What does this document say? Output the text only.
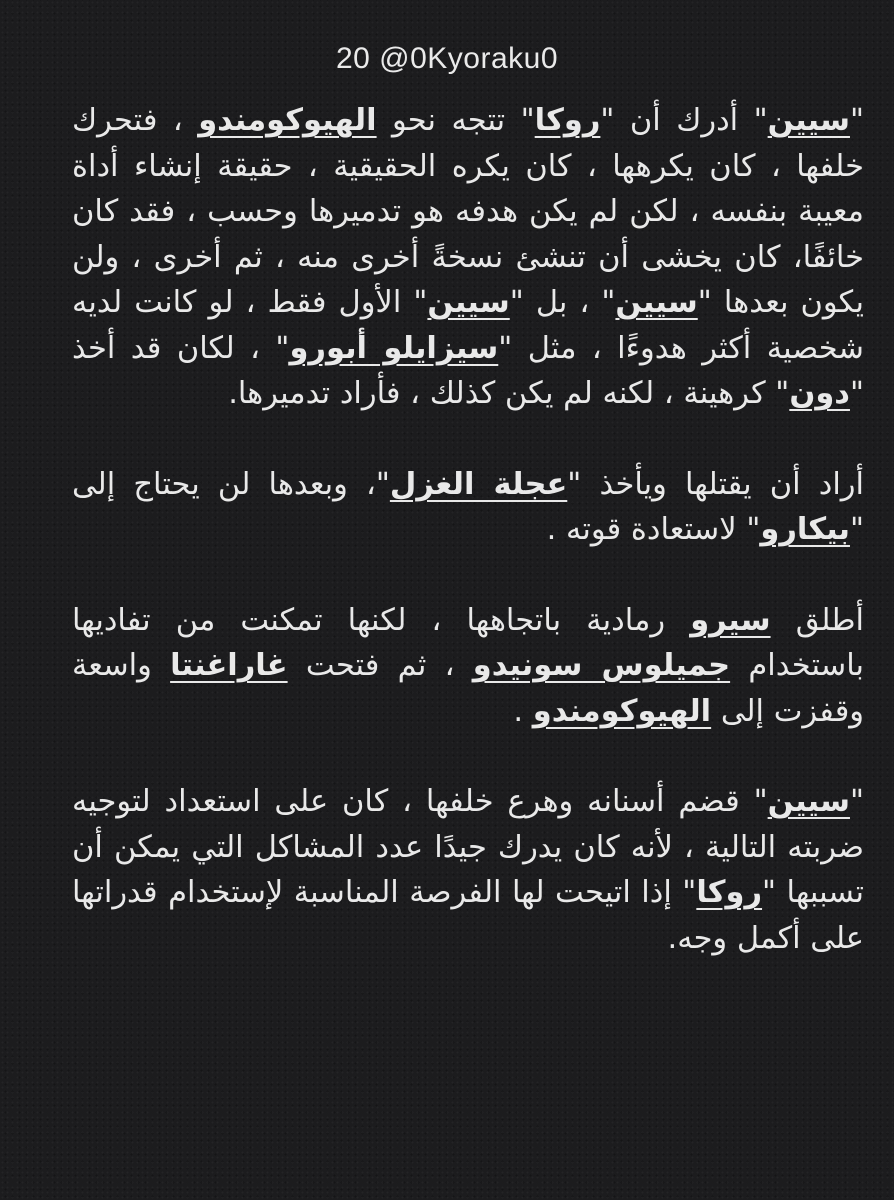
20 @0Kyoraku0

"سيين" أدرك أن "روكا" تتجه نحو الهيوكومندو ، فتحرك خلفها ، كان يكرهها ، كان يكره الحقيقية ، حقيقة إنشاء أداة معيبة بنفسه ، لكن لم يكن هدفه هو تدميرها وحسب ، فقد كان خائفًا، كان يخشى أن تنشئ نسخةً أخرى منه ، ثم أخرى ، ولن يكون بعدها "سيين" ، بل "سيين" الأول فقط ، لو كانت لديه شخصية أكثر هدوءًا ، مثل "سيزايلو أبورو" ، لكان قد أخذ "دون" كرهينة ، لكنه لم يكن كذلك ، فأراد تدميرها.

أراد أن يقتلها ويأخذ "عجلة الغزل"، وبعدها لن يحتاج إلى "بيكارو" لاستعادة قوته .

أطلق سيرو رمادية باتجاهها ، لكنها تمكنت من تفاديها باستخدام جميلوس سونيدو ، ثم فتحت غاراغنتا واسعة وقفزت إلى الهيوكومندو .

"سيين" قضم أسنانه وهرع خلفها ، كان على استعداد لتوجيه ضربته التالية ، لأنه كان يدرك جيدًا عدد المشاكل التي يمكن أن تسببها "روكا" إذا اتيحت لها الفرصة المناسبة لإستخدام قدراتها على أكمل وجه.
